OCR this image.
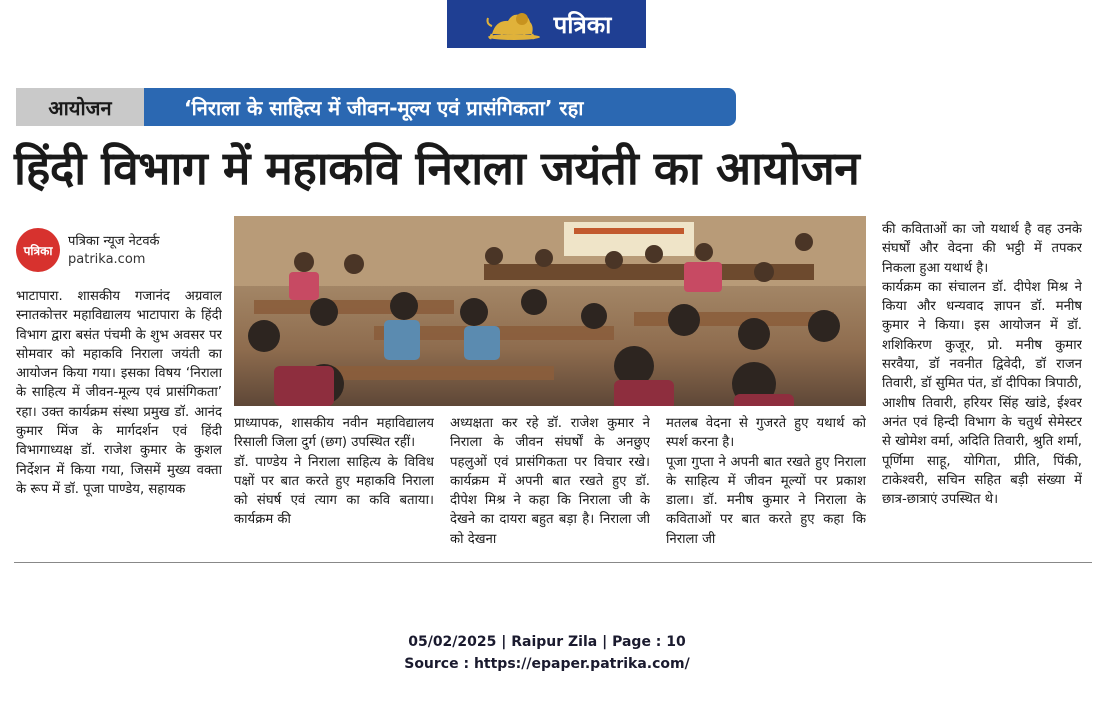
पत्रिका
आयोजन	‘निराला के साहित्य में जीवन-मूल्य एवं प्रासंगिकता’ रहा
हिंदी विभाग में महाकवि निराला जयंती का आयोजन
पत्रिका
पत्रिका न्यूज नेटवर्क
patrika.com

भाटापारा. शासकीय गजानंद अग्रवाल स्नातकोत्तर महाविद्यालय भाटापारा के हिंदी विभाग द्वारा बसंत पंचमी के शुभ अवसर पर सोमवार को महाकवि निराला जयंती का आयोजन किया गया। इसका विषय ‘निराला के साहित्य में जीवन-मूल्य एवं प्रासंगिकता’ रहा। उक्त कार्यक्रम संस्था प्रमुख डॉ. आनंद कुमार मिंज के मार्गदर्शन एवं हिंदी विभागाध्यक्ष डॉ. राजेश कुमार के कुशल निर्देशन में किया गया, जिसमें मुख्य वक्ता के रूप में डॉ. पूजा पाण्डेय, सहायक

प्राध्यापक, शासकीय नवीन महाविद्यालय रिसाली जिला दुर्ग (छग) उपस्थित रहीं।
डॉ. पाण्डेय ने निराला साहित्य के विविध पक्षों पर बात करते हुए महाकवि निराला को संघर्ष एवं त्याग का कवि बताया। कार्यक्रम की

अध्यक्षता कर रहे डॉ. राजेश कुमार ने निराला के जीवन संघर्षों के अनछुए पहलुओं एवं प्रासंगिकता पर विचार रखे। कार्यक्रम में अपनी बात रखते हुए डॉ. दीपेश मिश्र ने कहा कि निराला जी के देखने का दायरा बहुत बड़ा है। निराला जी को देखना

मतलब वेदना से गुजरते हुए यथार्थ को स्पर्श करना है।
पूजा गुप्ता ने अपनी बात रखते हुए निराला के साहित्य में जीवन मूल्यों पर प्रकाश डाला। डॉ. मनीष कुमार ने निराला के कविताओं पर बात करते हुए कहा कि निराला जी

की कविताओं का जो यथार्थ है वह उनके संघर्षों और वेदना की भट्ठी में तपकर निकला हुआ यथार्थ है।
कार्यक्रम का संचालन डॉ. दीपेश मिश्र ने किया और धन्यवाद ज्ञापन डॉ. मनीष कुमार ने किया। इस आयोजन में डॉ. शशिकिरण कुजूर, प्रो. मनीष कुमार सरवैया, डॉ नवनीत द्विवेदी, डॉ राजन तिवारी, डॉ सुमित पंत, डॉ दीपिका त्रिपाठी, आशीष तिवारी, हरियर सिंह खांडे, ईश्वर अनंत एवं हिन्दी विभाग के चतुर्थ सेमेस्टर से खोमेश वर्मा, अदिति तिवारी, श्रुति शर्मा, पूर्णिमा साहू, योगिता, प्रीति, पिंकी, टाकेश्वरी, सचिन सहित बड़ी संख्या में छात्र-छात्राएं उपस्थित थे।

05/02/2025 | Raipur Zila | Page : 10
Source : https://epaper.patrika.com/
